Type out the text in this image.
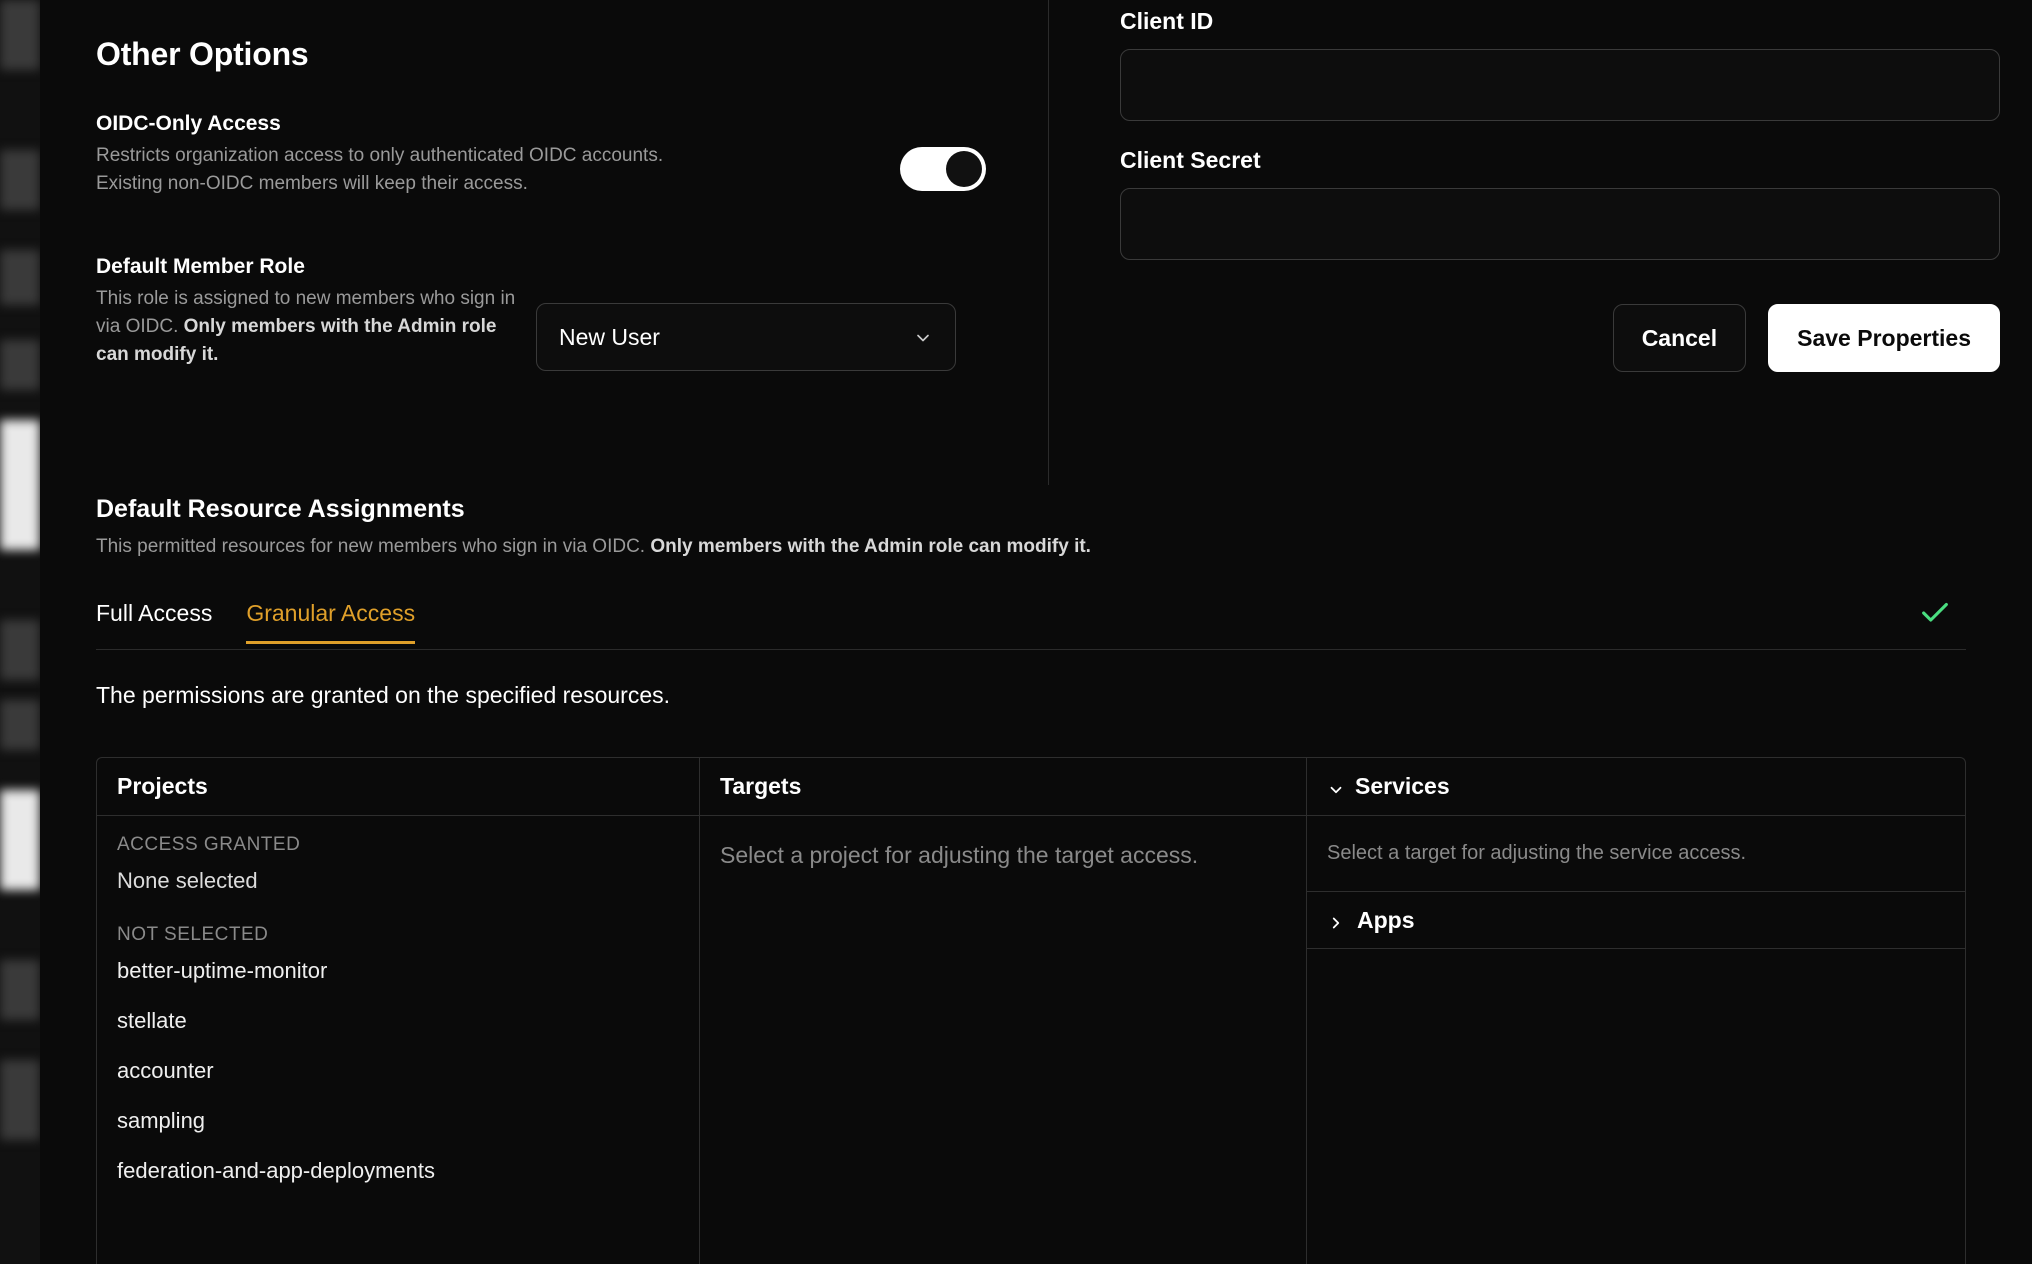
Other Options

OIDC-Only Access

Restricts organization access to only authenticated OIDC accounts.
Existing non-OIDC members will keep their access.

Default Member Role

This role is assigned to new members who sign in via OIDC. Only members with the Admin role can modify it.

New User

Client ID

Client Secret

Cancel	Save Properties

Default Resource Assignments

This permitted resources for new members who sign in via OIDC. Only members with the Admin role can modify it.

Full Access Granular Access

The permissions are granted on the specified resources.

Projects
ACCESS GRANTED
None selected
NOT SELECTED
better-uptime-monitor
stellate
accounter
sampling
federation-and-app-deployments
Targets
Select a project for adjusting the target access.
Services
Select a target for adjusting the service access.
Apps
